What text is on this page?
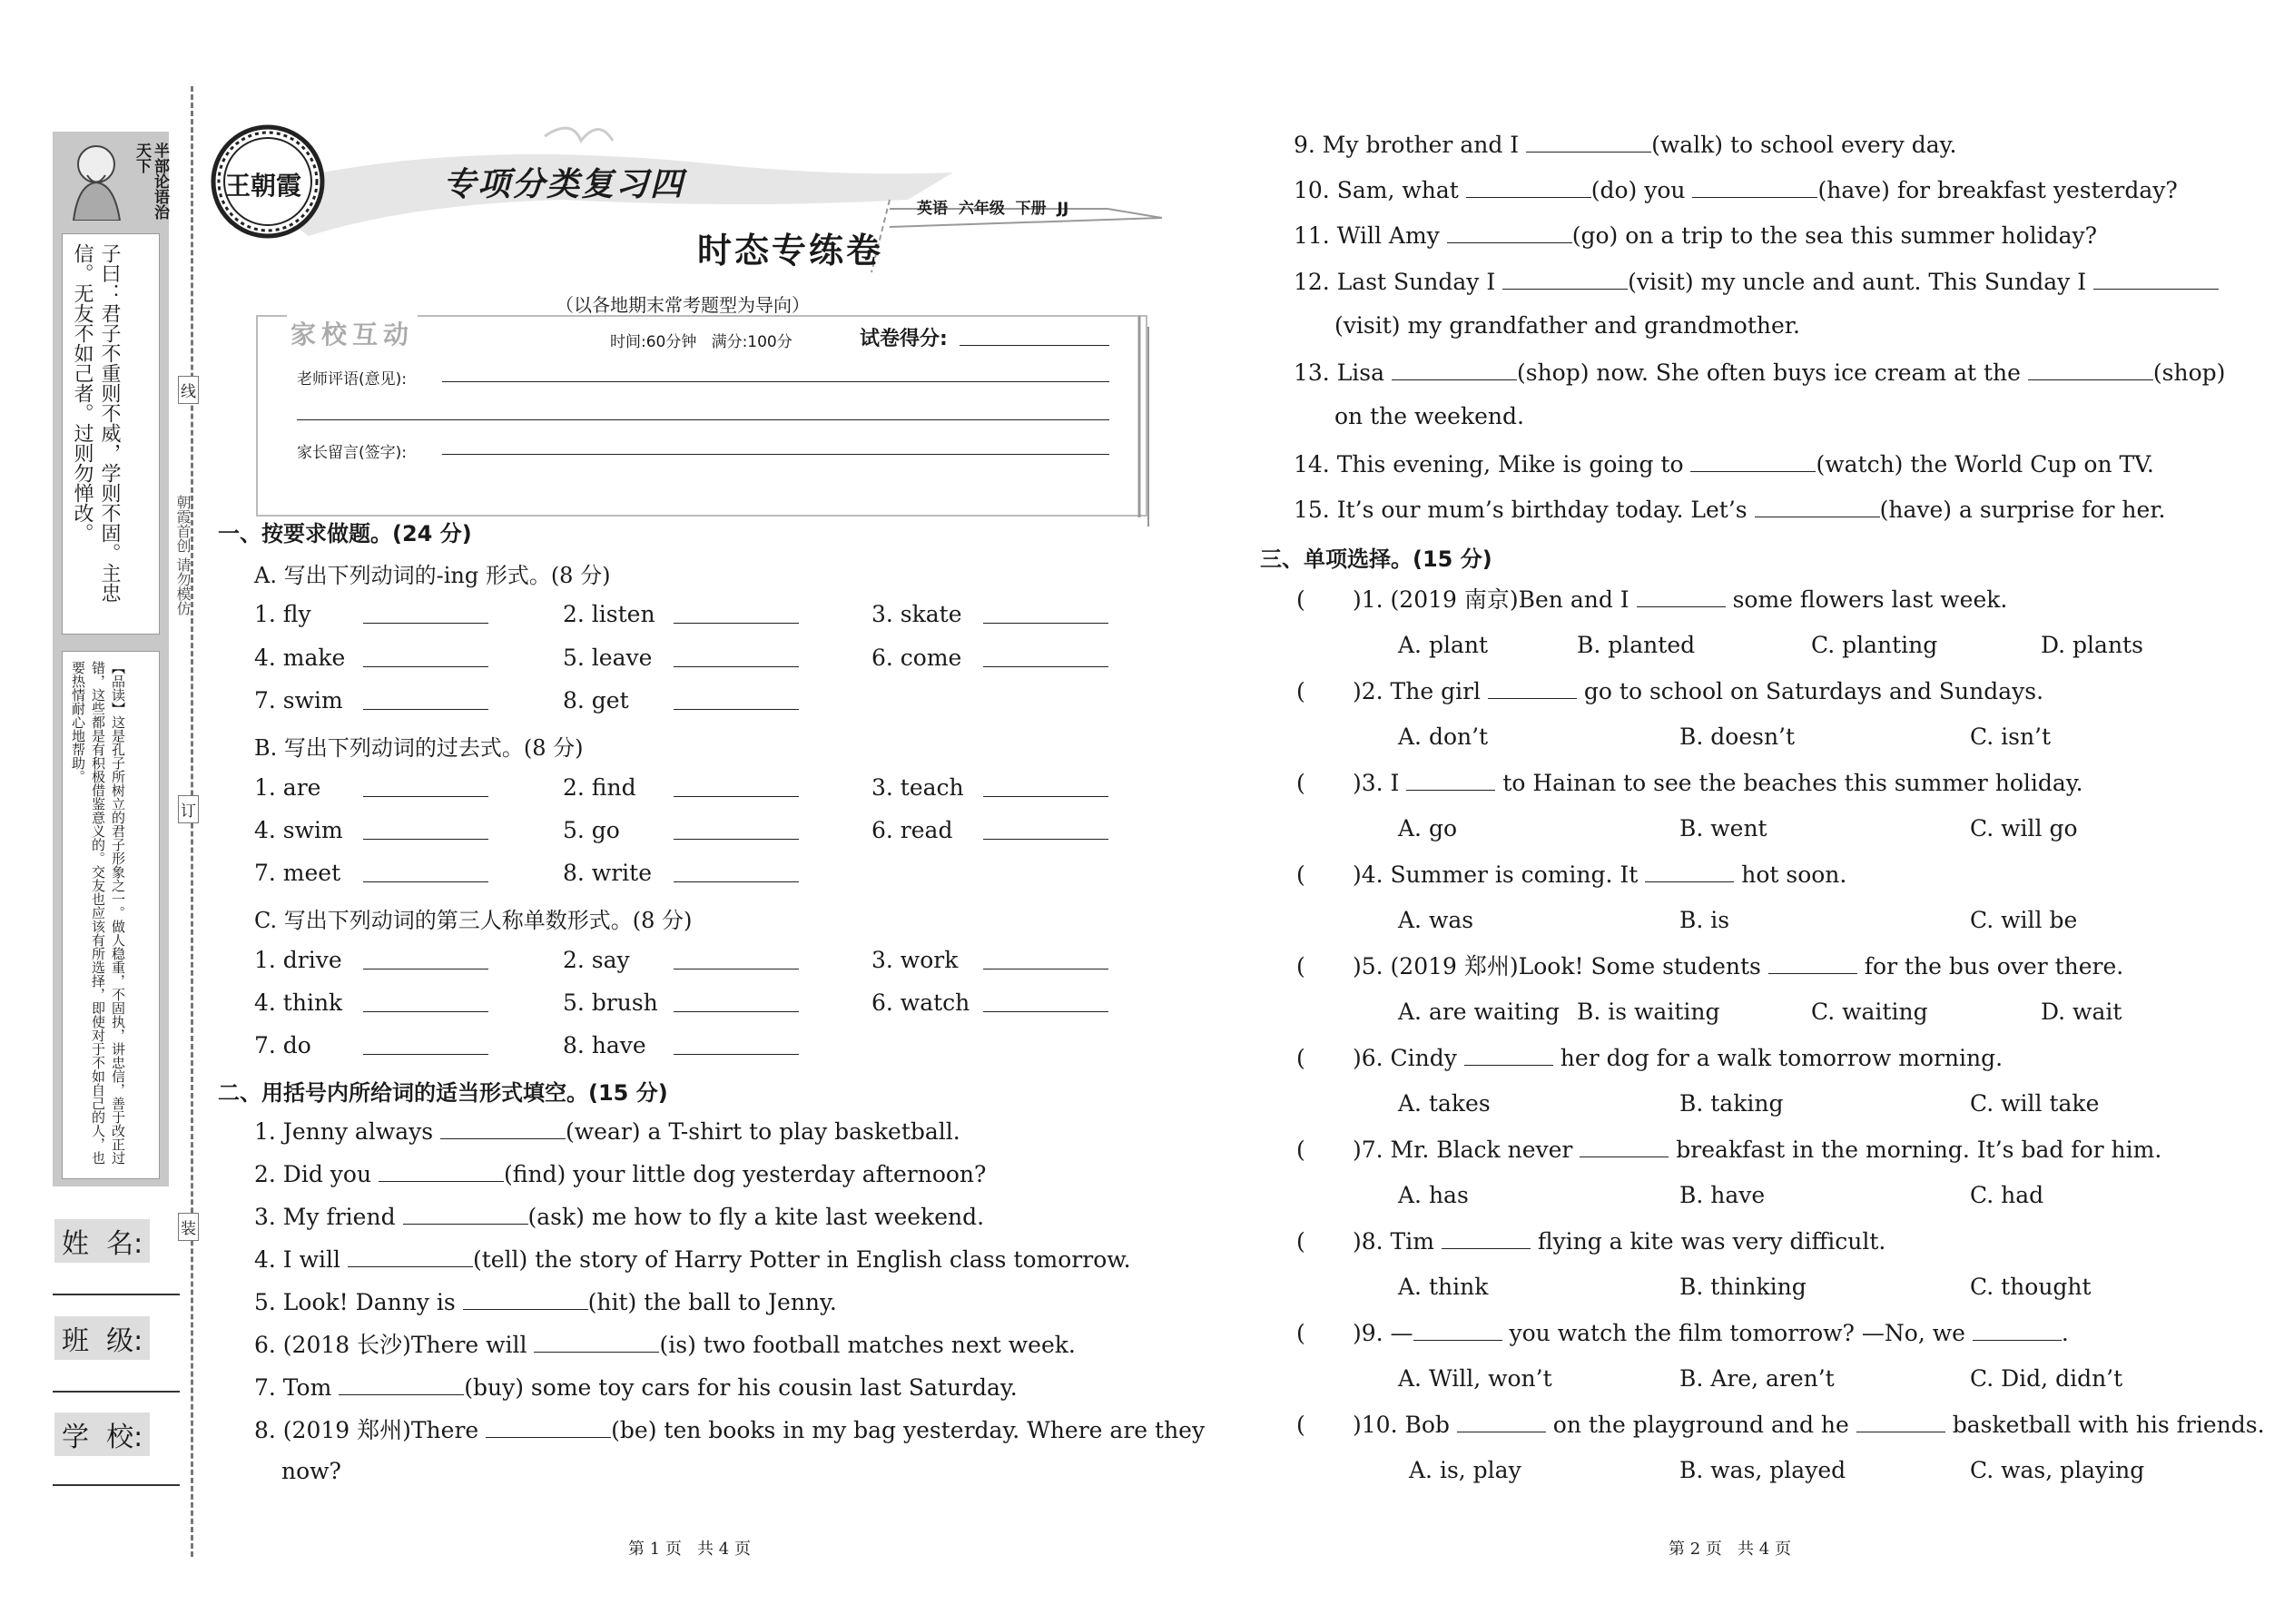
半部论语治天下
子曰：君子不重则不威，学则不固。主忠信。无友不如己者。过则勿惮改。
【品读】这是孔子所树立的君子形象之一。做人稳重，不固执，讲忠信，善于改正过错，这些都是有积极借鉴意义的。交友也应该有所选择，即使对于不如自己的人，也要热情耐心地帮助。
线
订
装
朝霞首创 请勿模仿
姓  名:
班  级:
学  校:
王朝霞	专项分类复习四
英语  六年级  下册  JJ
时态专练卷
（以各地期末常考题型为导向）
家校互动	时间:60分钟   满分:100分	试卷得分:
老师评语(意见):
家长留言(签字):
一、按要求做题。(24 分)
A. 写出下列动词的-ing 形式。(8 分)
1. fly	2. listen	3. skate
4. make	5. leave	6. come
7. swim	8. get
B. 写出下列动词的过去式。(8 分)
1. are	2. find	3. teach
4. swim	5. go	6. read
7. meet	8. write
C. 写出下列动词的第三人称单数形式。(8 分)
1. drive	2. say	3. work
4. think	5. brush	6. watch
7. do	8. have
二、用括号内所给词的适当形式填空。(15 分)
1. Jenny always	(wear) a T-shirt to play basketball.
2. Did you	(find) your little dog yesterday afternoon?
3. My friend	(ask) me how to fly a kite last weekend.
4. I will	(tell) the story of Harry Potter in English class tomorrow.
5. Look! Danny is	(hit) the ball to Jenny.
6. (2018 长沙)There will	(is) two football matches next week.
7. Tom	(buy) some toy cars for his cousin last Saturday.
8. (2019 郑州)There	(be) ten books in my bag yesterday. Where are they
now?
第 1 页   共 4 页
9. My brother and I	(walk) to school every day.
10. Sam, what	(do) you	(have) for breakfast yesterday?
11. Will Amy	(go) on a trip to the sea this summer holiday?
12. Last Sunday I	(visit) my uncle and aunt. This Sunday I
(visit) my grandfather and grandmother.
13. Lisa	(shop) now. She often buys ice cream at the	(shop)
on the weekend.
14. This evening, Mike is going to	(watch) the World Cup on TV.
15. It’s our mum’s birthday today. Let’s	(have) a surprise for her.
三、单项选择。(15 分)
( )1. (2019 南京)Ben and I	some flowers last week.
A. plant	B. planted	C. planting	D. plants
( )2. The girl	go to school on Saturdays and Sundays.
A. don’t	B. doesn’t	C. isn’t
( )3. I	to Hainan to see the beaches this summer holiday.
A. go	B. went	C. will go
( )4. Summer is coming. It	hot soon.
A. was	B. is	C. will be
( )5. (2019 郑州)Look! Some students	for the bus over there.
A. are waiting B. is waiting	C. waiting	D. wait
( )6. Cindy	her dog for a walk tomorrow morning.
A. takes	B. taking	C. will take
( )7. Mr. Black never	breakfast in the morning. It’s bad for him.
A. has	B. have	C. had
( )8. Tim	flying a kite was very difficult.
A. think	B. thinking	C. thought
( )9. —	you watch the film tomorrow? —No, we	.
A. Will, won’t	B. Are, aren’t	C. Did, didn’t
( )10. Bob	on the playground and he	basketball with his friends.
A. is, play	B. was, played	C. was, playing
第 2 页   共 4 页
